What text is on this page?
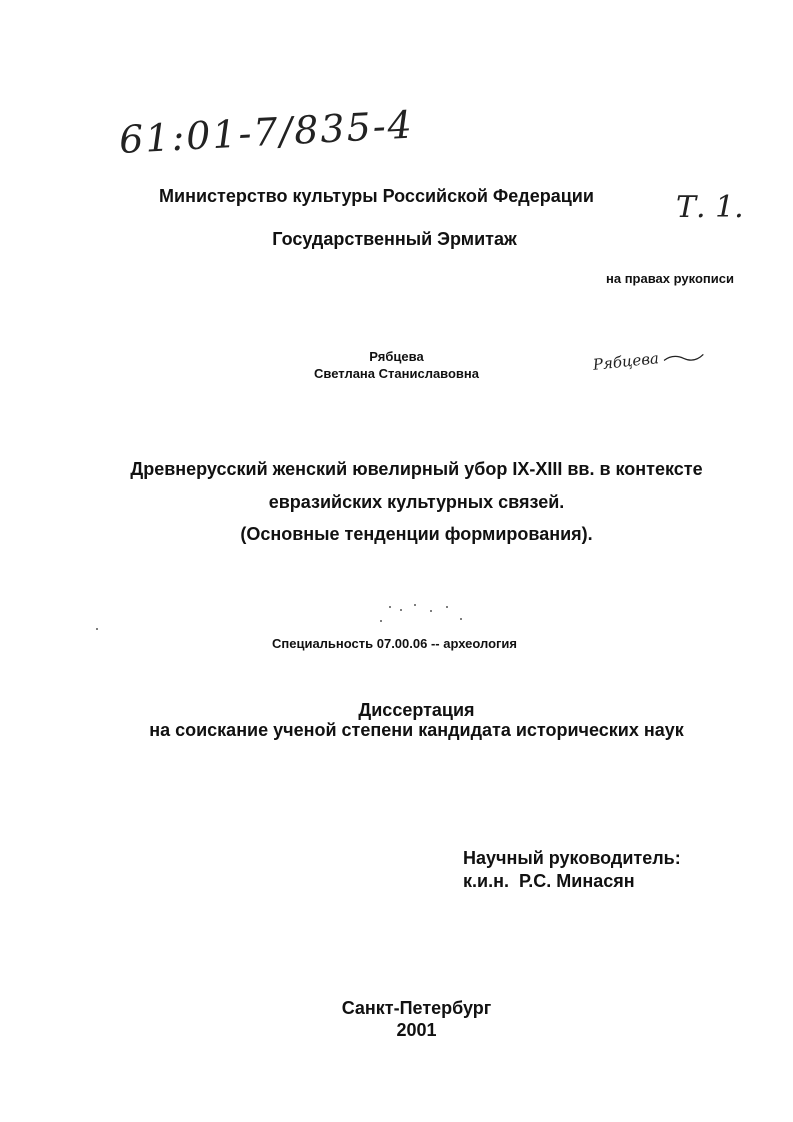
61:01-7/835-4
Министерство культуры Российской Федерации	Т. 1.
Государственный Эрмитаж
на правах рукописи
Рябцева
Светлана Станиславовна	Рябцева
Древнерусский женский ювелирный убор IX-XIII вв. в контексте
евразийских культурных связей.
(Основные тенденции формирования).
Специальность 07.00.06 -- археология
Диссертация
на соискание ученой степени кандидата исторических наук
Научный руководитель:
к.и.н.  Р.С. Минасян
Санкт-Петербург
2001
